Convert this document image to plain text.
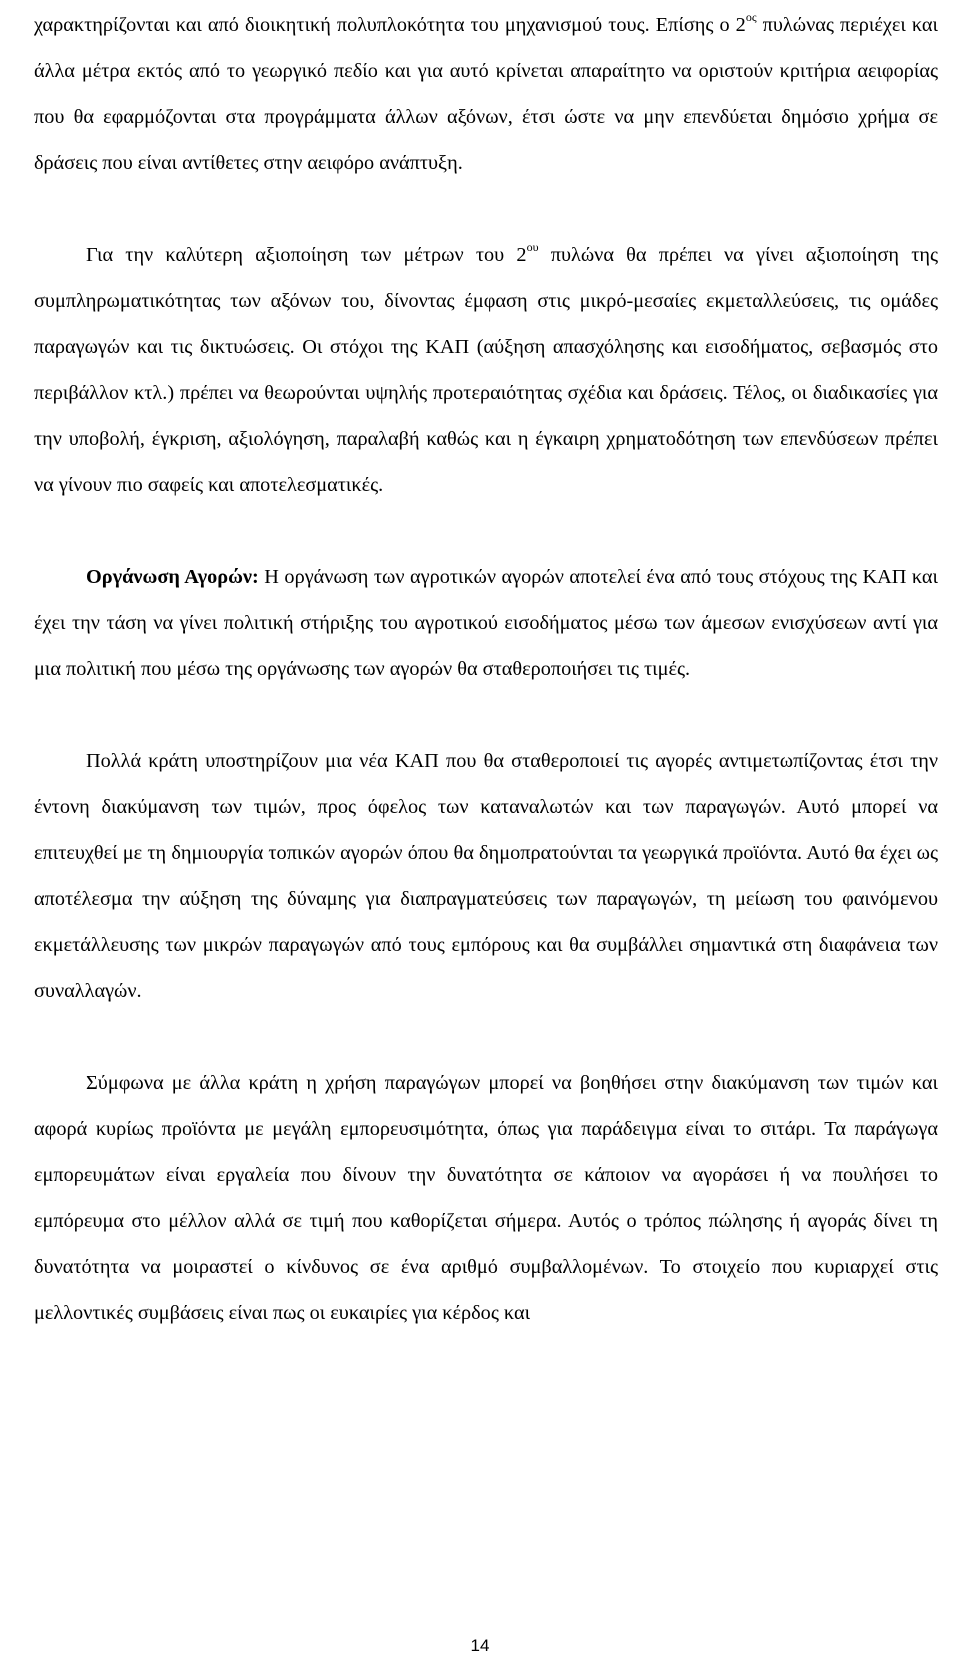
χαρακτηρίζονται και από διοικητική πολυπλοκότητα του μηχανισμού τους. Επίσης ο $2^{o\varsigma}$ πυλώνας περιέχει και άλλα μέτρα εκτός από το γεωργικό πεδίο και για αυτό κρίνεται απαραίτητο να οριστούν κριτήρια αειφορίας που θα εφαρμόζονται στα προγράμματα άλλων αξόνων, έτσι ώστε να μην επενδύεται δημόσιο χρήμα σε δράσεις που είναι αντίθετες στην αειφόρο ανάπτυξη.

Για την καλύτερη αξιοποίηση των μέτρων του $2^{o\upsilon}$ πυλώνα θα πρέπει να γίνει αξιοποίηση της συμπληρωματικότητας των αξόνων του, δίνοντας έμφαση στις μικρό-μεσαίες εκμεταλλεύσεις, τις ομάδες παραγωγών και τις δικτυώσεις. Οι στόχοι της ΚΑΠ (αύξηση απασχόλησης και εισοδήματος, σεβασμός στο περιβάλλον κτλ.) πρέπει να θεωρούνται υψηλής προτεραιότητας σχέδια και δράσεις. Τέλος, οι διαδικασίες για την υποβολή, έγκριση, αξιολόγηση, παραλαβή καθώς και η έγκαιρη χρηματοδότηση των επενδύσεων πρέπει να γίνουν πιο σαφείς και αποτελεσματικές.

Οργάνωση Αγορών: Η οργάνωση των αγροτικών αγορών αποτελεί ένα από τους στόχους της ΚΑΠ και έχει την τάση να γίνει πολιτική στήριξης του αγροτικού εισοδήματος μέσω των άμεσων ενισχύσεων αντί για μια πολιτική που μέσω της οργάνωσης των αγορών θα σταθεροποιήσει τις τιμές.

Πολλά κράτη υποστηρίζουν μια νέα ΚΑΠ που θα σταθεροποιεί τις αγορές αντιμετωπίζοντας έτσι την έντονη διακύμανση των τιμών, προς όφελος των καταναλωτών και των παραγωγών. Αυτό μπορεί να επιτευχθεί με τη δημιουργία τοπικών αγορών όπου θα δημοπρατούνται τα γεωργικά προϊόντα. Αυτό θα έχει ως αποτέλεσμα την αύξηση της δύναμης για διαπραγματεύσεις των παραγωγών, τη μείωση του φαινόμενου εκμετάλλευσης των μικρών παραγωγών από τους εμπόρους και θα συμβάλλει σημαντικά στη διαφάνεια των συναλλαγών.

Σύμφωνα με άλλα κράτη η χρήση παραγώγων μπορεί να βοηθήσει στην διακύμανση των τιμών και αφορά κυρίως προϊόντα με μεγάλη εμπορευσιμότητα, όπως για παράδειγμα είναι το σιτάρι. Τα παράγωγα εμπορευμάτων είναι εργαλεία που δίνουν την δυνατότητα σε κάποιον να αγοράσει ή να πουλήσει το εμπόρευμα στο μέλλον αλλά σε τιμή που καθορίζεται σήμερα. Αυτός ο τρόπος πώλησης ή αγοράς δίνει τη δυνατότητα να μοιραστεί ο κίνδυνος σε ένα αριθμό συμβαλλομένων. Το στοιχείο που κυριαρχεί στις μελλοντικές συμβάσεις είναι πως οι ευκαιρίες για κέρδος και

14
